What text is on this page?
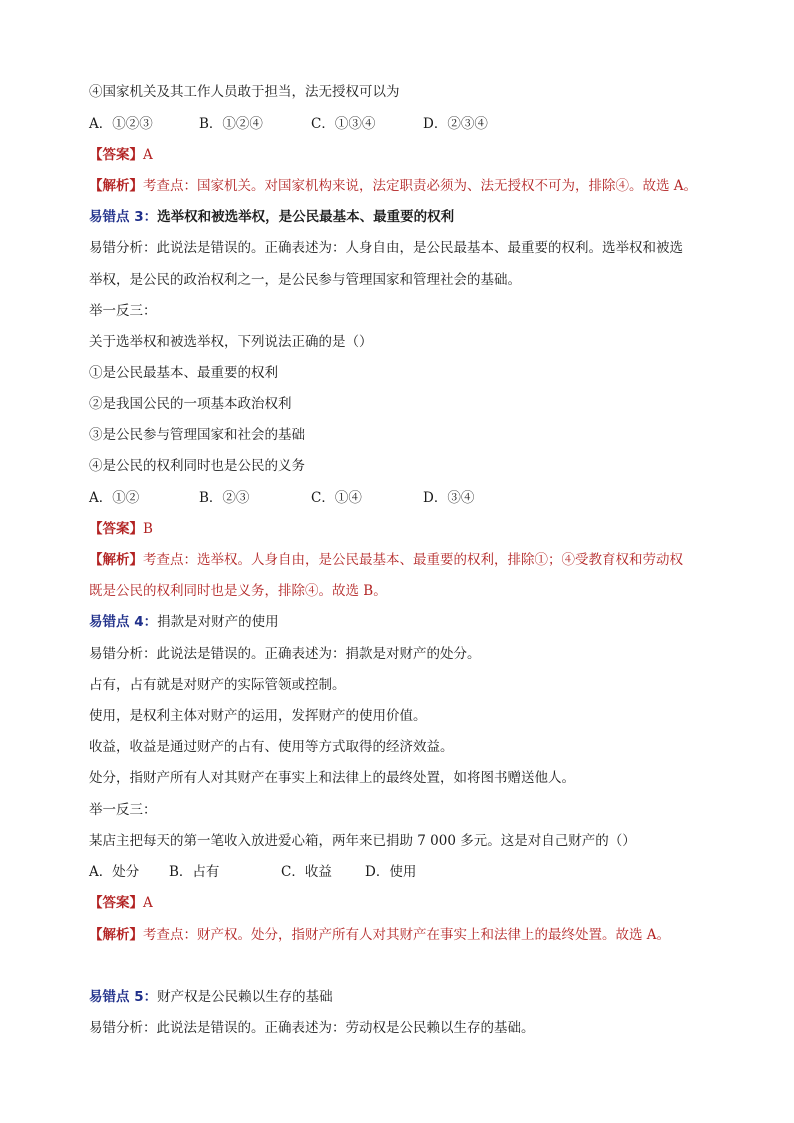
④国家机关及其工作人员敢于担当，法无授权可以为
A．①②③	B．①②④	C．①③④	D．②③④
【答案】A
【解析】考查点：国家机关。对国家机构来说，法定职责必须为、法无授权不可为，排除④。故选 A。
易错点 3：选举权和被选举权，是公民最基本、最重要的权利
易错分析：此说法是错误的。正确表述为：人身自由，是公民最基本、最重要的权利。选举权和被选
举权，是公民的政治权利之一，是公民参与管理国家和管理社会的基础。
举一反三：
关于选举权和被选举权，下列说法正确的是（）
①是公民最基本、最重要的权利
②是我国公民的一项基本政治权利
③是公民参与管理国家和社会的基础
④是公民的权利同时也是公民的义务
A．①②	B．②③	C．①④	D．③④
【答案】B
【解析】考查点：选举权。人身自由，是公民最基本、最重要的权利，排除①；④受教育权和劳动权
既是公民的权利同时也是义务，排除④。故选 B。
易错点 4：捐款是对财产的使用
易错分析：此说法是错误的。正确表述为：捐款是对财产的处分。
占有，占有就是对财产的实际管领或控制。
使用，是权利主体对财产的运用，发挥财产的使用价值。
收益，收益是通过财产的占有、使用等方式取得的经济效益。
处分，指财产所有人对其财产在事实上和法律上的最终处置，如将图书赠送他人。
举一反三：
某店主把每天的第一笔收入放进爱心箱，两年来已捐助 7 000 多元。这是对自己财产的（）
A．处分 B．占有	C．收益 D．使用
【答案】A
【解析】考查点：财产权。处分，指财产所有人对其财产在事实上和法律上的最终处置。故选 A。
易错点 5：财产权是公民赖以生存的基础
易错分析：此说法是错误的。正确表述为：劳动权是公民赖以生存的基础。
